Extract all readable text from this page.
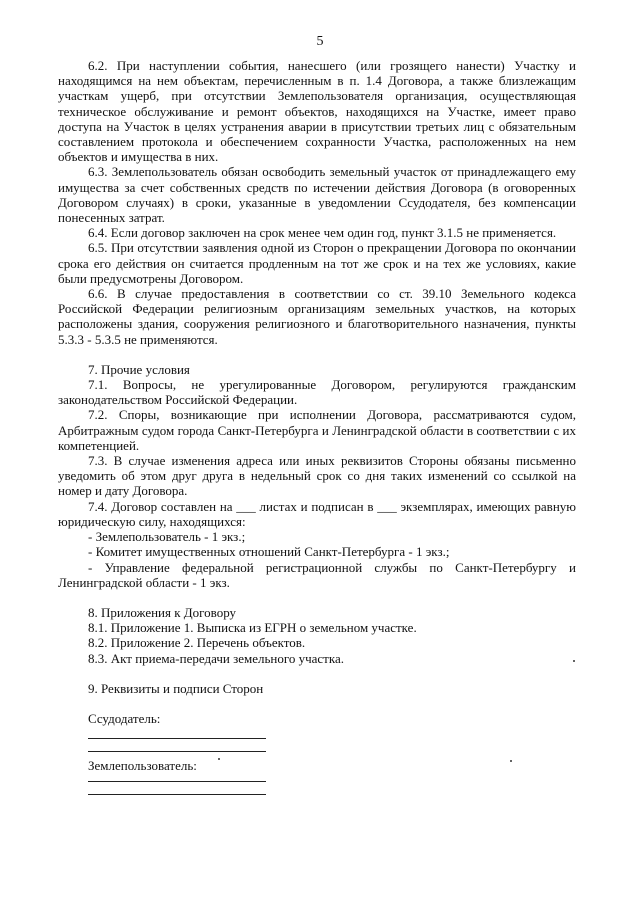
5

6.2. При наступлении события, нанесшего (или грозящего нанести) Участку и находящимся на нем объектам, перечисленным в п. 1.4 Договора, а также близлежащим участкам ущерб, при отсутствии Землепользователя организация, осуществляющая техническое обслуживание и ремонт объектов, находящихся на Участке, имеет право доступа на Участок в целях устранения аварии в присутствии третьих лиц с обязательным составлением протокола и обеспечением сохранности Участка, расположенных на нем объектов и имущества в них.

6.3. Землепользователь обязан освободить земельный участок от принадлежащего ему имущества за счет собственных средств по истечении действия Договора (в оговоренных Договором случаях) в сроки, указанные в уведомлении Ссудодателя, без компенсации понесенных затрат.

6.4. Если договор заключен на срок менее чем один год, пункт 3.1.5 не применяется.

6.5. При отсутствии заявления одной из Сторон о прекращении Договора по окончании срока его действия он считается продленным на тот же срок и на тех же условиях, какие были предусмотрены Договором.

6.6. В случае предоставления в соответствии со ст. 39.10 Земельного кодекса Российской Федерации религиозным организациям земельных участков, на которых расположены здания, сооружения религиозного и благотворительного назначения, пункты 5.3.3 - 5.3.5 не применяются.

7. Прочие условия

7.1. Вопросы, не урегулированные Договором, регулируются гражданским законодательством Российской Федерации.

7.2. Споры, возникающие при исполнении Договора, рассматриваются судом, Арбитражным судом города Санкт-Петербурга и Ленинградской области в соответствии с их компетенцией.

7.3. В случае изменения адреса или иных реквизитов Стороны обязаны письменно уведомить об этом друг друга в недельный срок со дня таких изменений со ссылкой на номер и дату Договора.

7.4. Договор составлен на ___ листах и подписан в ___ экземплярах, имеющих равную юридическую силу, находящихся:

- Землепользователь - 1 экз.;

- Комитет имущественных отношений Санкт-Петербурга - 1 экз.;

- Управление федеральной регистрационной службы по Санкт-Петербургу и Ленинградской области - 1 экз.

8. Приложения к Договору

8.1. Приложение 1. Выписка из ЕГРН о земельном участке.

8.2. Приложение 2. Перечень объектов.

8.3. Акт приема-передачи земельного участка.

9. Реквизиты и подписи Сторон

Ссудодатель:

Землепользователь:
